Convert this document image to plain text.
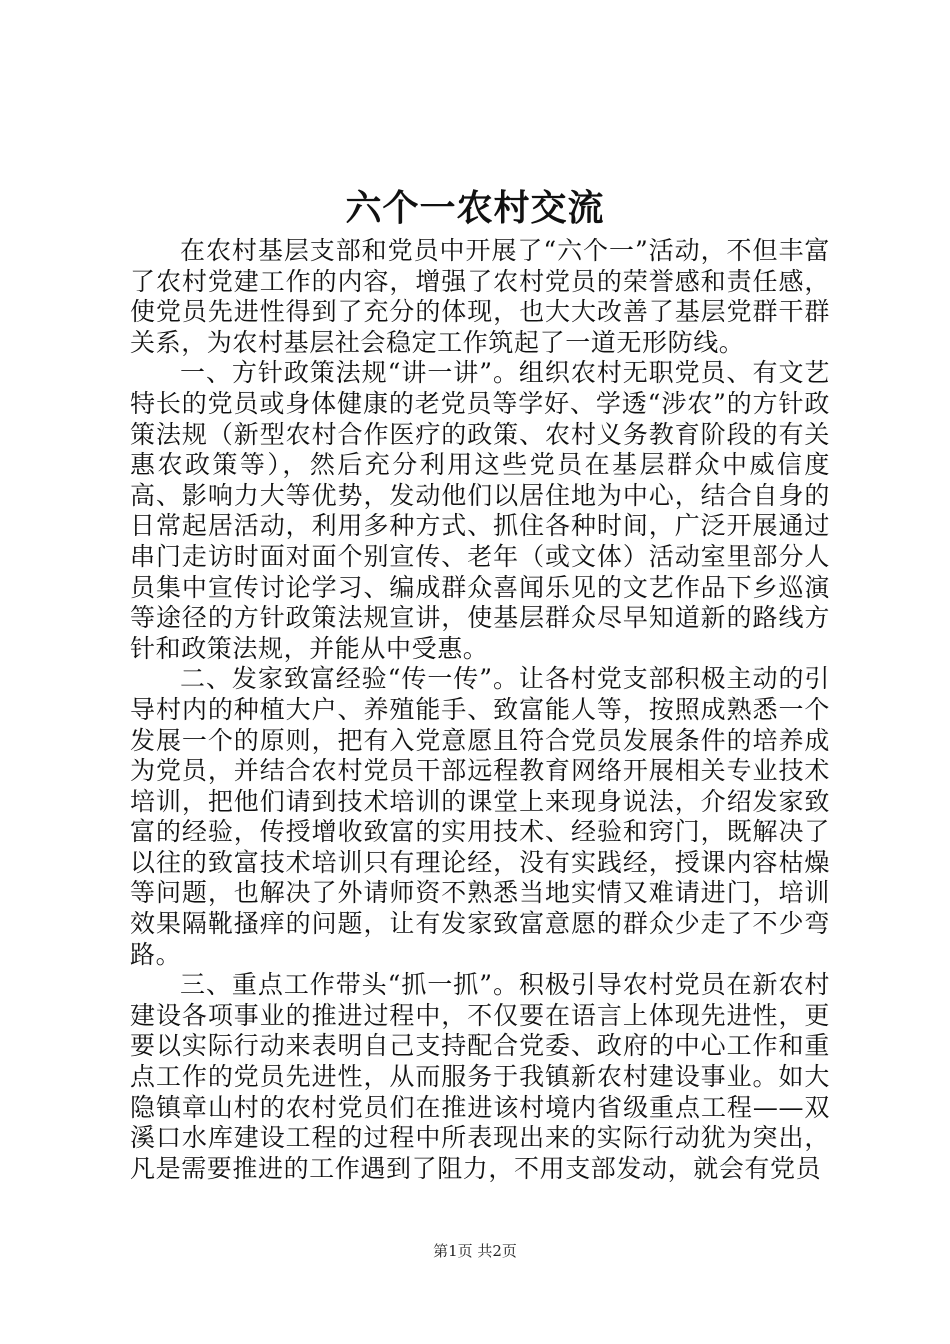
六个一农村交流

在农村基层支部和党员中开展了“六个一”活动，不但丰富了农村党建工作的内容，增强了农村党员的荣誉感和责任感，使党员先进性得到了充分的体现，也大大改善了基层党群干群关系，为农村基层社会稳定工作筑起了一道无形防线。

一、方针政策法规“讲一讲”。组织农村无职党员、有文艺特长的党员或身体健康的老党员等学好、学透“涉农”的方针政策法规（新型农村合作医疗的政策、农村义务教育阶段的有关惠农政策等），然后充分利用这些党员在基层群众中威信度高、影响力大等优势，发动他们以居住地为中心，结合自身的日常起居活动，利用多种方式、抓住各种时间，广泛开展通过串门走访时面对面个别宣传、老年（或文体）活动室里部分人员集中宣传讨论学习、编成群众喜闻乐见的文艺作品下乡巡演等途径的方针政策法规宣讲，使基层群众尽早知道新的路线方针和政策法规，并能从中受惠。

二、发家致富经验“传一传”。让各村党支部积极主动的引导村内的种植大户、养殖能手、致富能人等，按照成熟悉一个发展一个的原则，把有入党意愿且符合党员发展条件的培养成为党员，并结合农村党员干部远程教育网络开展相关专业技术培训，把他们请到技术培训的课堂上来现身说法，介绍发家致富的经验，传授增收致富的实用技术、经验和窍门，既解决了以往的致富技术培训只有理论经，没有实践经，授课内容枯燥等问题，也解决了外请师资不熟悉当地实情又难请进门，培训效果隔靴搔痒的问题，让有发家致富意愿的群众少走了不少弯路。

三、重点工作带头“抓一抓”。积极引导农村党员在新农村建设各项事业的推进过程中，不仅要在语言上体现先进性，更要以实际行动来表明自己支持配合党委、政府的中心工作和重点工作的党员先进性，从而服务于我镇新农村建设事业。如大隐镇章山村的农村党员们在推进该村境内省级重点工程——双溪口水库建设工程的过程中所表现出来的实际行动犹为突出，凡是需要推进的工作遇到了阻力，不用支部发动，就会有党员

第1页 共2页
